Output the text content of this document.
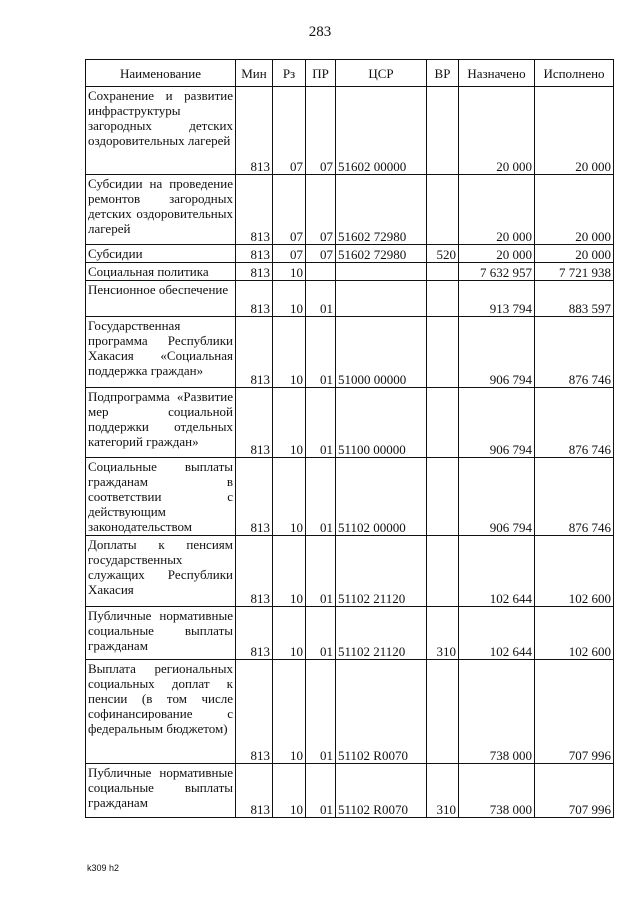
283
Наименование	Мин	Рз	ПР	ЦСР	ВР	Назначено	Исполнено
Сохранение и развитие инфраструктуры загородных детских оздоровительных лагерей	813	07	07	51602 00000		20 000	20 000
Субсидии на проведение ремонтов загородных детских оздоровительных лагерей	813	07	07	51602 72980		20 000	20 000
Субсидии	813	07	07	51602 72980	520	20 000	20 000
Социальная политика	813	10				7 632 957	7 721 938
Пенсионное обеспечение	813	10	01			913 794	883 597
Государственная программа Республики Хакасия «Социальная поддержка граждан»	813	10	01	51000 00000		906 794	876 746
Подпрограмма «Развитие мер социальной поддержки отдельных категорий граждан»	813	10	01	51100 00000		906 794	876 746
Социальные выплаты гражданам в соответствии с действующим законодательством	813	10	01	51102 00000		906 794	876 746
Доплаты к пенсиям государственных служащих Республики Хакасия	813	10	01	51102 21120		102 644	102 600
Публичные нормативные социальные выплаты гражданам	813	10	01	51102 21120	310	102 644	102 600
Выплата региональных социальных доплат к пенсии (в том числе софинансирование с федеральным бюджетом)	813	10	01	51102 R0070		738 000	707 996
Публичные нормативные социальные выплаты гражданам	813	10	01	51102 R0070	310	738 000	707 996
k309 h2
